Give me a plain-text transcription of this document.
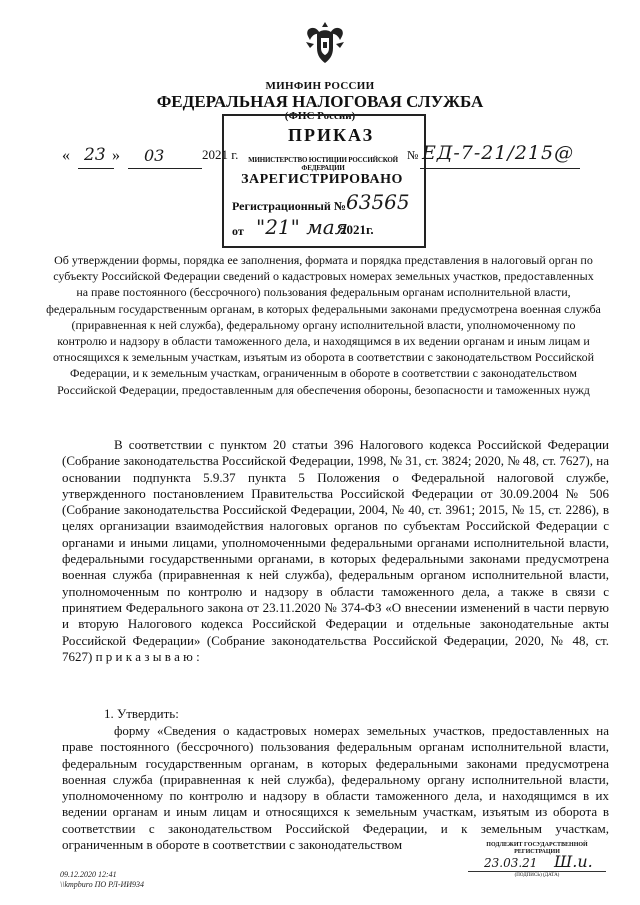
МИНФИН РОССИИ
ФЕДЕРАЛЬНАЯ НАЛОГОВАЯ СЛУЖБА
(ФНС России)
ПРИКАЗ
МИНИСТЕРСТВО ЮСТИЦИИ РОССИЙСКОЙ ФЕДЕРАЦИИ
ЗАРЕГИСТРИРОВАНО
Регистрационный № 63565
от "21" мая
2021г.
« 23 » 03	2021 г.	№ ЕД-7-21/215@
Об утверждении формы, порядка ее заполнения, формата и порядка представления в налоговый орган по субъекту Российской Федерации сведений о кадастровых номерах земельных участков, предоставленных на праве постоянного (бессрочного) пользования федеральным органам исполнительной власти, федеральным государственным органам, в которых федеральными законами предусмотрена военная служба (приравненная к ней служба), федеральному органу исполнительной власти, уполномоченному по контролю и надзору в области таможенного дела, и находящимся в их ведении органам и иным лицам и относящихся к земельным участкам, изъятым из оборота в соответствии с законодательством Российской Федерации, и к земельным участкам, ограниченным в обороте в соответствии с законодательством Российской Федерации, предоставленным для обеспечения обороны, безопасности и таможенных нужд
В соответствии с пунктом 20 статьи 396 Налогового кодекса Российской Федерации (Собрание законодательства Российской Федерации, 1998, № 31, ст. 3824; 2020, № 48, ст. 7627), на основании подпункта 5.9.37 пункта 5 Положения о Федеральной налоговой службе, утвержденного постановлением Правительства Российской Федерации от 30.09.2004 № 506 (Собрание законодательства Российской Федерации, 2004, № 40, ст. 3961; 2015, № 15, ст. 2286), в целях организации взаимодействия налоговых органов по субъектам Российской Федерации с органами и иными лицами, уполномоченными федеральными органами исполнительной власти, федеральными государственными органами, в которых федеральными законами предусмотрена военная служба (приравненная к ней служба), федеральным органом исполнительной власти, уполномоченным по контролю и надзору в области таможенного дела, а также в связи с принятием Федерального закона от 23.11.2020 № 374-ФЗ «О внесении изменений в части первую и вторую Налогового кодекса Российской Федерации и отдельные законодательные акты Российской Федерации» (Собрание законодательства Российской Федерации, 2020, № 48, ст. 7627) п р и к а з ы в а ю :
1. Утвердить:
форму «Сведения о кадастровых номерах земельных участков, предоставленных на праве постоянного (бессрочного) пользования федеральным органам исполнительной власти, федеральным государственным органам, в которых федеральными законами предусмотрена военная служба (приравненная к ней служба), федеральному органу исполнительной власти, уполномоченному по контролю и надзору в области таможенного дела, и находящимся в их ведении органам и иным лицам и относящихся к земельным участкам, изъятым из оборота в соответствии с законодательством Российской Федерации, и к земельным участкам, ограниченным в обороте в соответствии с законодательством
09.12.2020 12:41
\\kmpburo ПО РЛ-ИИ934
ПОДЛЕЖИТ ГОСУДАРСТВЕННОЙ
РЕГИСТРАЦИИ
23.03.21 Ш.и.
(ПОДПИСЬ) (ДАТА)
